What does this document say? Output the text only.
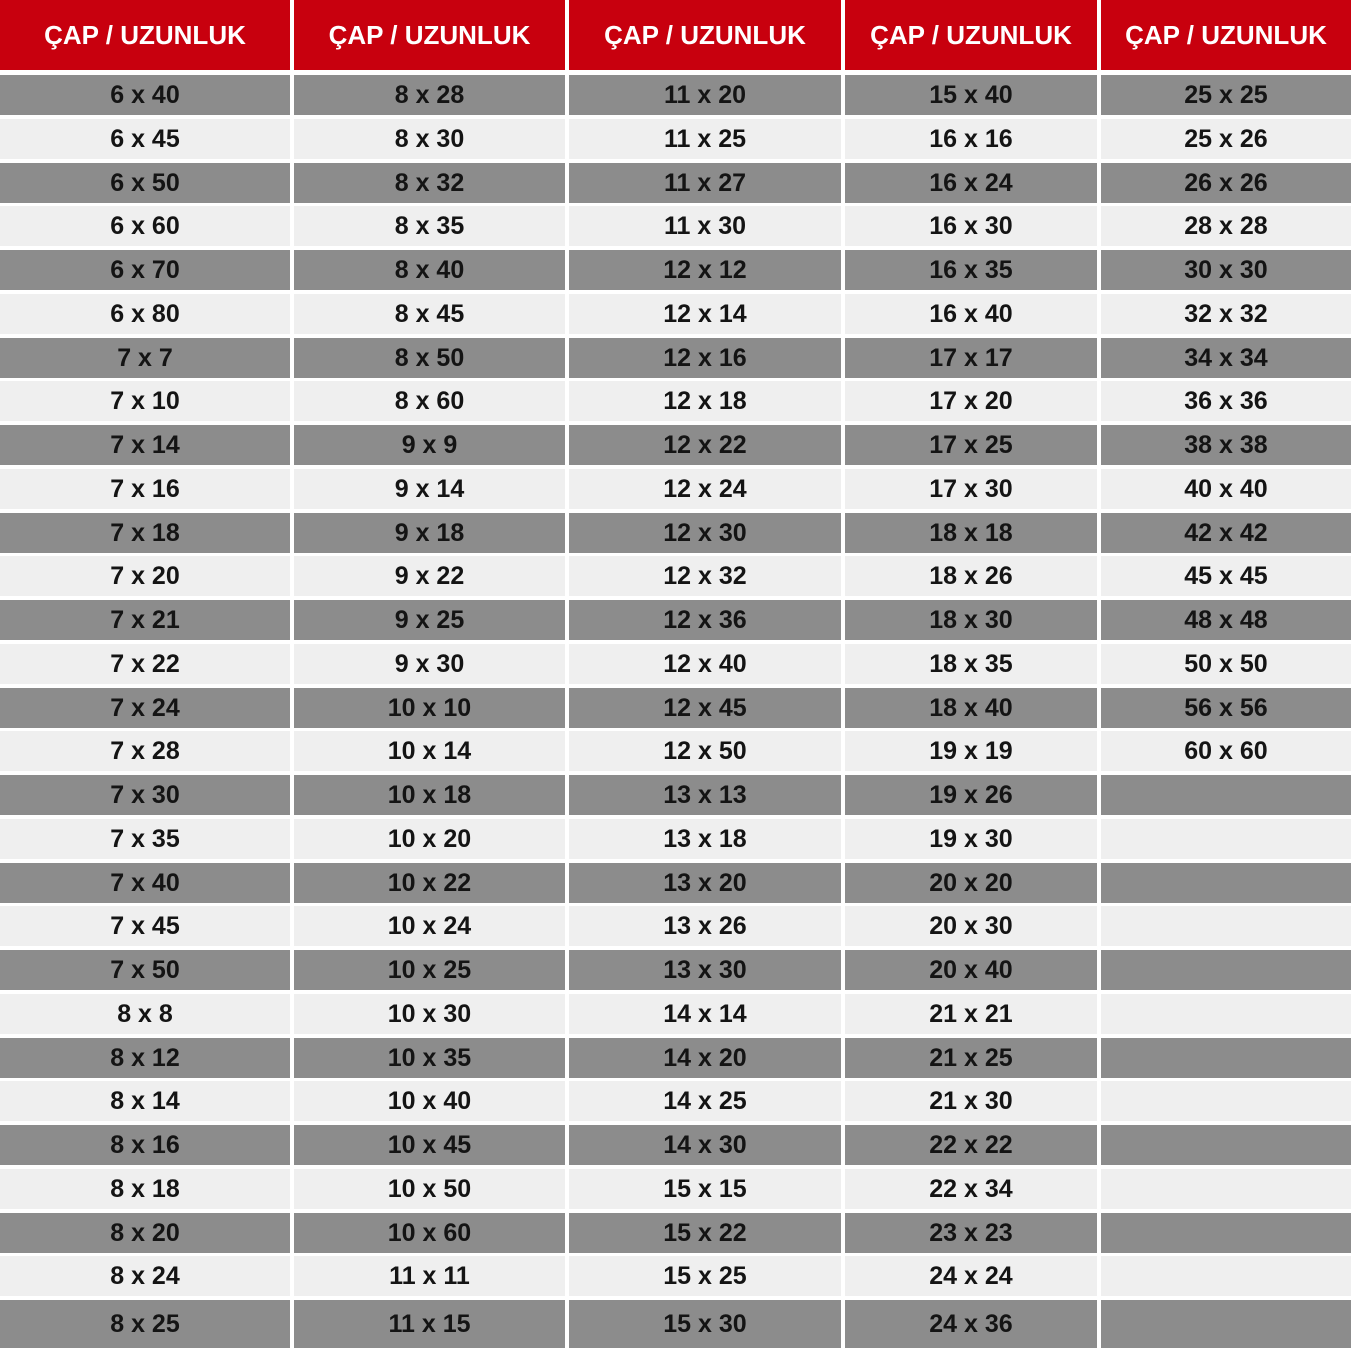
ÇAP / UZUNLUK
6 x 40
6 x 45
6 x 50
6 x 60
6 x 70
6 x 80
7 x 7
7 x 10
7 x 14
7 x 16
7 x 18
7 x 20
7 x 21
7 x 22
7 x 24
7 x 28
7 x 30
7 x 35
7 x 40
7 x 45
7 x 50
8 x 8
8 x 12
8 x 14
8 x 16
8 x 18
8 x 20
8 x 24
8 x 25
ÇAP / UZUNLUK
8 x 28
8 x 30
8 x 32
8 x 35
8 x 40
8 x 45
8 x 50
8 x 60
9 x 9
9 x 14
9 x 18
9 x 22
9 x 25
9 x 30
10 x 10
10 x 14
10 x 18
10 x 20
10 x 22
10 x 24
10 x 25
10 x 30
10 x 35
10 x 40
10 x 45
10 x 50
10 x 60
11 x 11
11 x 15
ÇAP / UZUNLUK
11 x 20
11 x 25
11 x 27
11 x 30
12 x 12
12 x 14
12 x 16
12 x 18
12 x 22
12 x 24
12 x 30
12 x 32
12 x 36
12 x 40
12 x 45
12 x 50
13 x 13
13 x 18
13 x 20
13 x 26
13 x 30
14 x 14
14 x 20
14 x 25
14 x 30
15 x 15
15 x 22
15 x 25
15 x 30
ÇAP / UZUNLUK
15 x 40
16 x 16
16 x 24
16 x 30
16 x 35
16 x 40
17 x 17
17 x 20
17 x 25
17 x 30
18 x 18
18 x 26
18 x 30
18 x 35
18 x 40
19 x 19
19 x 26
19 x 30
20 x 20
20 x 30
20 x 40
21 x 21
21 x 25
21 x 30
22 x 22
22 x 34
23 x 23
24 x 24
24 x 36
ÇAP / UZUNLUK
25 x 25
25 x 26
26 x 26
28 x 28
30 x 30
32 x 32
34 x 34
36 x 36
38 x 38
40 x 40
42 x 42
45 x 45
48 x 48
50 x 50
56 x 56
60 x 60
